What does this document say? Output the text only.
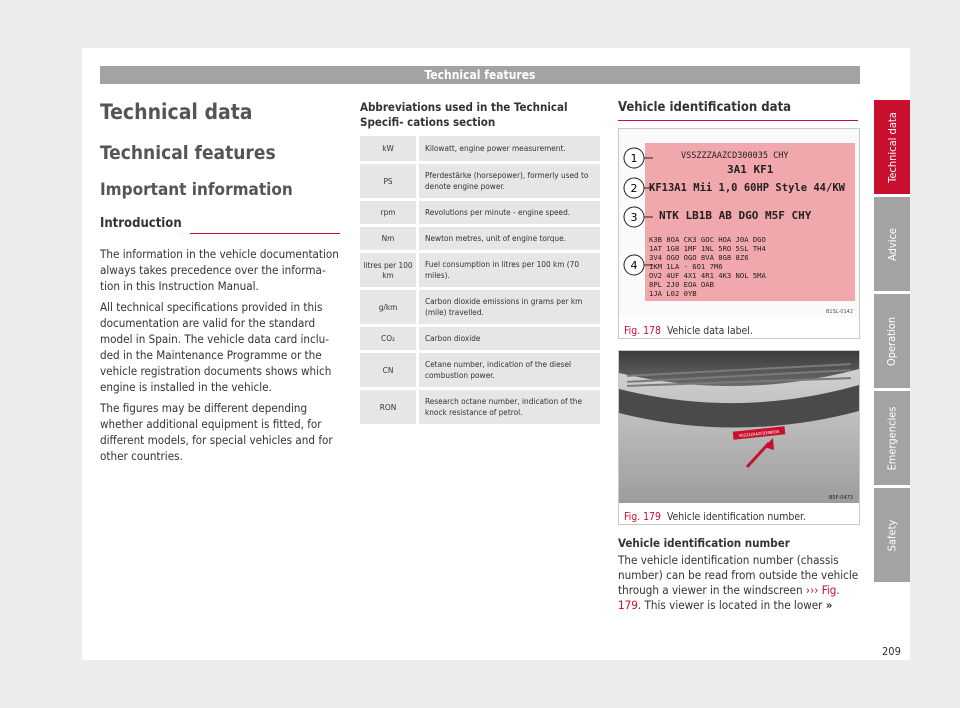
Technical features
Technical data
Technical features
Important information
Introduction

The information in the vehicle documentation always takes precedence over the informa- tion in this Instruction Manual.

All technical specifications provided in this documentation are valid for the standard model in Spain. The vehicle data card inclu- ded in the Maintenance Programme or the vehicle registration documents shows which engine is installed in the vehicle.

The figures may be different depending whether additional equipment is fitted, for different models, for special vehicles and for other countries.

Abbreviations used in the Technical Specifi- cations section
kW	Kilowatt, engine power measurement.
PS	Pferdestärke (horsepower), formerly used to denote engine power.
rpm	Revolutions per minute - engine speed.
Nm	Newton metres, unit of engine torque.
litres per 100 km	Fuel consumption in litres per 100 km (70 miles).
g/km	Carbon dioxide emissions in grams per km (mile) travelled.
CO₂	Carbon dioxide
CN	Cetane number, indication of the diesel combustion power.
RON	Research octane number, indication of the knock resistance of petrol.
Vehicle identification data
VSSZZZAAZCD300035 CHY
3A1 KF1
KF13A1 Mii 1,0 60HP Style 44/KW
NTK LB1B AB DGO M5F CHY
K3B 8OA CK3 GOC HOA J0A DGO
1AT 1G8 1MF 1NL 5RO 5SL TH4
3V4 OGO OGO 8VA 8G8 8Z6
1KM 1LA - 6O1 7M6
OV2 4UF 4X1 4R1 4K3 NOL 5MA
8PL 2J0 EOA OAB
1JA L02 0YB
1
2
3
4
B1SL-0142
Fig. 178 Vehicle data label.
VSSZZZAAZCD300035
B5F-0473
Fig. 179 Vehicle identification number.
Vehicle identification number
The vehicle identification number (chassis number) can be read from outside the vehicle through a viewer in the windscreen ››› Fig. 179. This viewer is located in the lower »
Technical data
Advice
Operation
Emergencies
Safety
209
